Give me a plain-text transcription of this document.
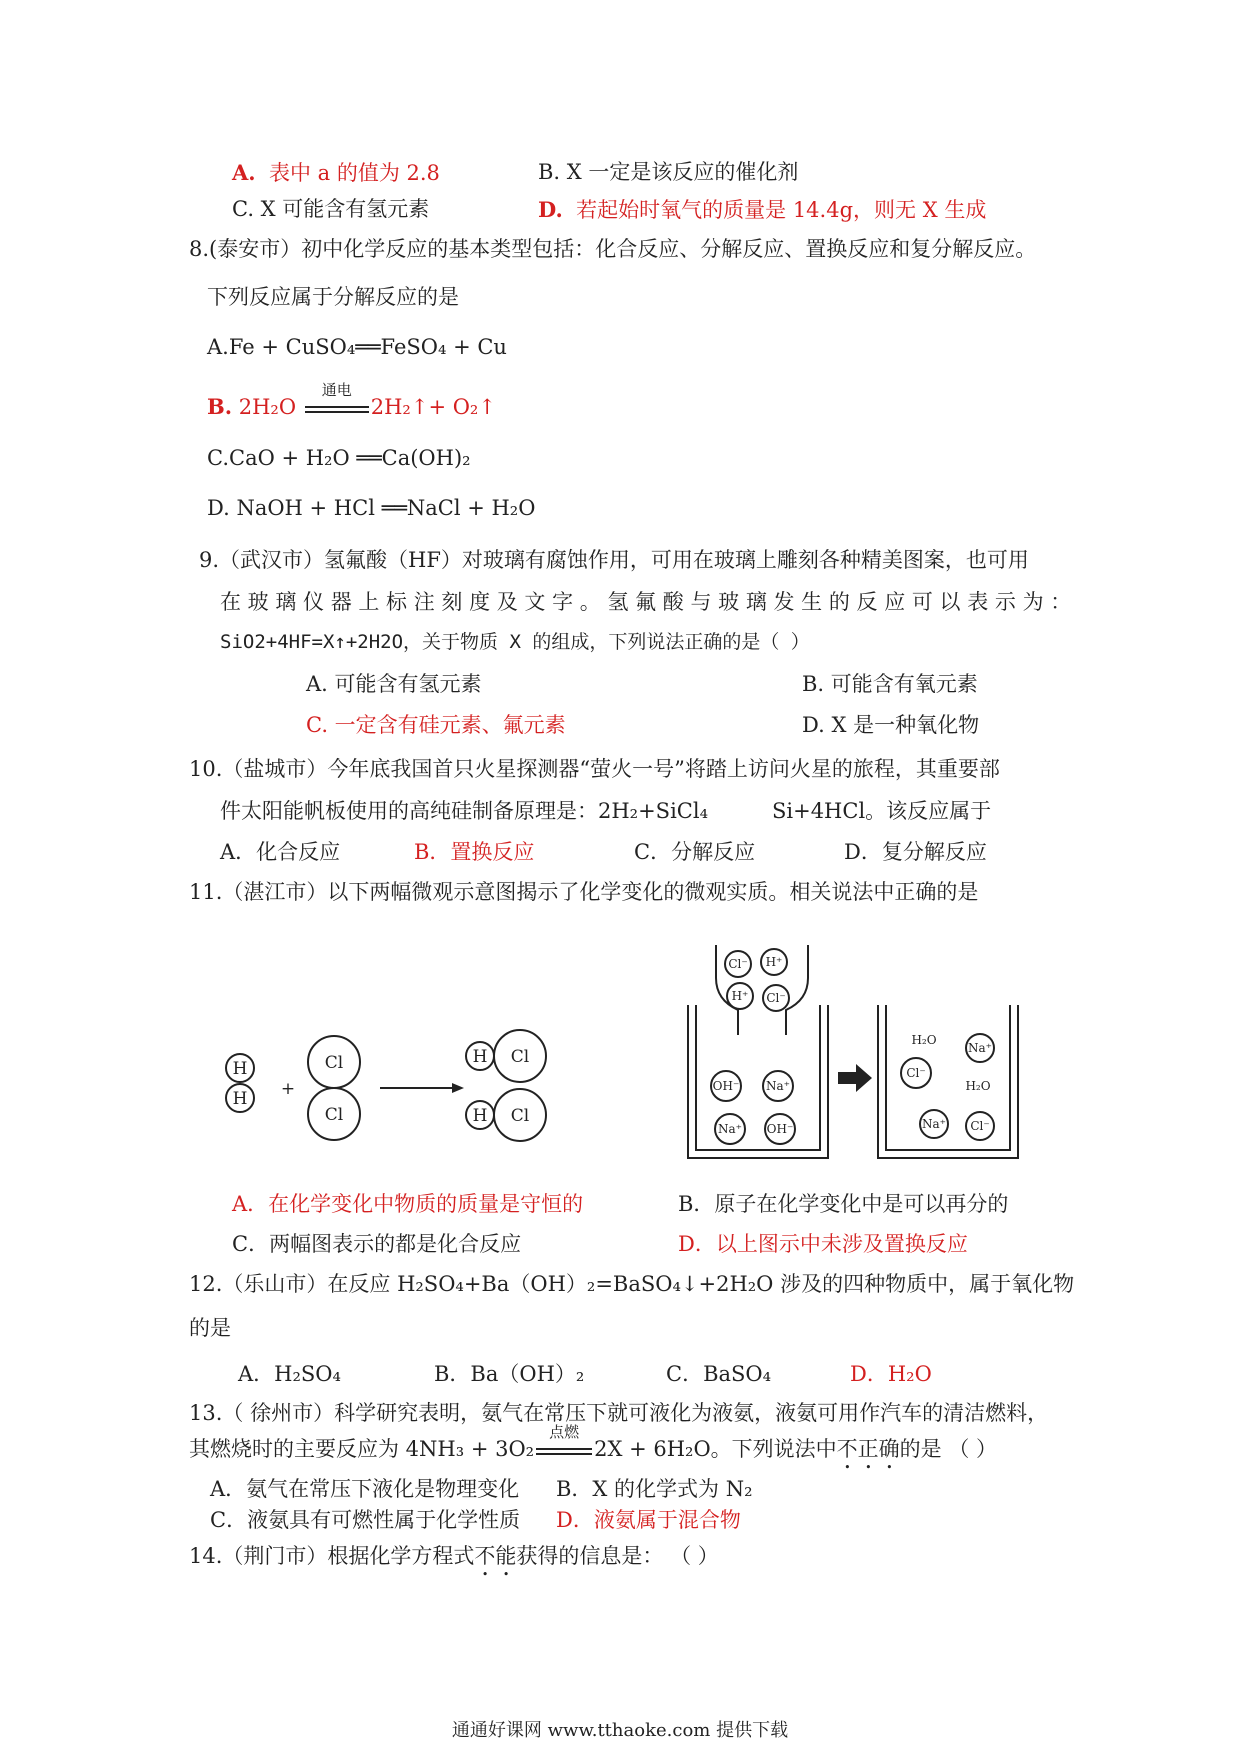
A. 表中 a 的值为 2.8	B. X 一定是该反应的催化剂
C. X 可能含有氢元素	D. 若起始时氧气的质量是 14.4g，则无 X 生成
8.(泰安市）初中化学反应的基本类型包括：化合反应、分解反应、置换反应和复分解反应。
下列反应属于分解反应的是
A.Fe + CuSO₄══FeSO₄ + Cu
B. 2H₂O
通电
2H₂↑+ O₂↑
C.CaO + H₂O ══Ca(OH)₂
D. NaOH + HCl ══NaCl + H₂O
9.（武汉市）氢氟酸（HF）对玻璃有腐蚀作用，可用在玻璃上雕刻各种精美图案，也可用
在 玻 璃 仪 器 上 标 注 刻 度 及 文 字 。 氢 氟 酸 与 玻 璃 发 生 的 反 应 可 以 表 示 为 ：
SiO2+4HF=X↑+2H2O，关于物质 X 的组成，下列说法正确的是（ ）
A. 可能含有氢元素	B. 可能含有氧元素
C. 一定含有硅元素、氟元素	D. X 是一种氧化物
10.（盐城市）今年底我国首只火星探测器“萤火一号”将踏上访问火星的旅程，其重要部
件太阳能帆板使用的高纯硅制备原理是：2H₂+SiCl₄	Si+4HCl。该反应属于
A．化合反应	B．置换反应	C．分解反应	D．复分解反应
11.（湛江市）以下两幅微观示意图揭示了化学变化的微观实质。相关说法中正确的是
H
H +
Cl
Cl
H Cl
H Cl
Cl⁻ H⁺
H⁺ Cl⁻
OH⁻ Na⁺
Na⁺ OH⁻
H₂O
Na⁺
Cl⁻
H₂O
Na⁺ Cl⁻
A．在化学变化中物质的质量是守恒的	B．原子在化学变化中是可以再分的
C．两幅图表示的都是化合反应	D．以上图示中未涉及置换反应
12.（乐山市）在反应 H₂SO₄+Ba（OH）₂=BaSO₄↓+2H₂O 涉及的四种物质中，属于氧化物
的是
A．H₂SO₄	B．Ba（OH）₂	C．BaSO₄	D．H₂O
13.（ 徐州市）科学研究表明，氨气在常压下就可液化为液氨，液氨可用作汽车的清洁燃料，
其燃烧时的主要反应为 4NH₃ + 3O₂
点燃
2X + 6H₂O。下列说法中不正确的是 （ ）
A．氨气在常压下液化是物理变化 B．X 的化学式为 N₂
C．液氨具有可燃性属于化学性质 D．液氨属于混合物
14.（荆门市）根据化学方程式不能获得的信息是： （ ）
通通好课网 www.tthaoke.com 提供下载
